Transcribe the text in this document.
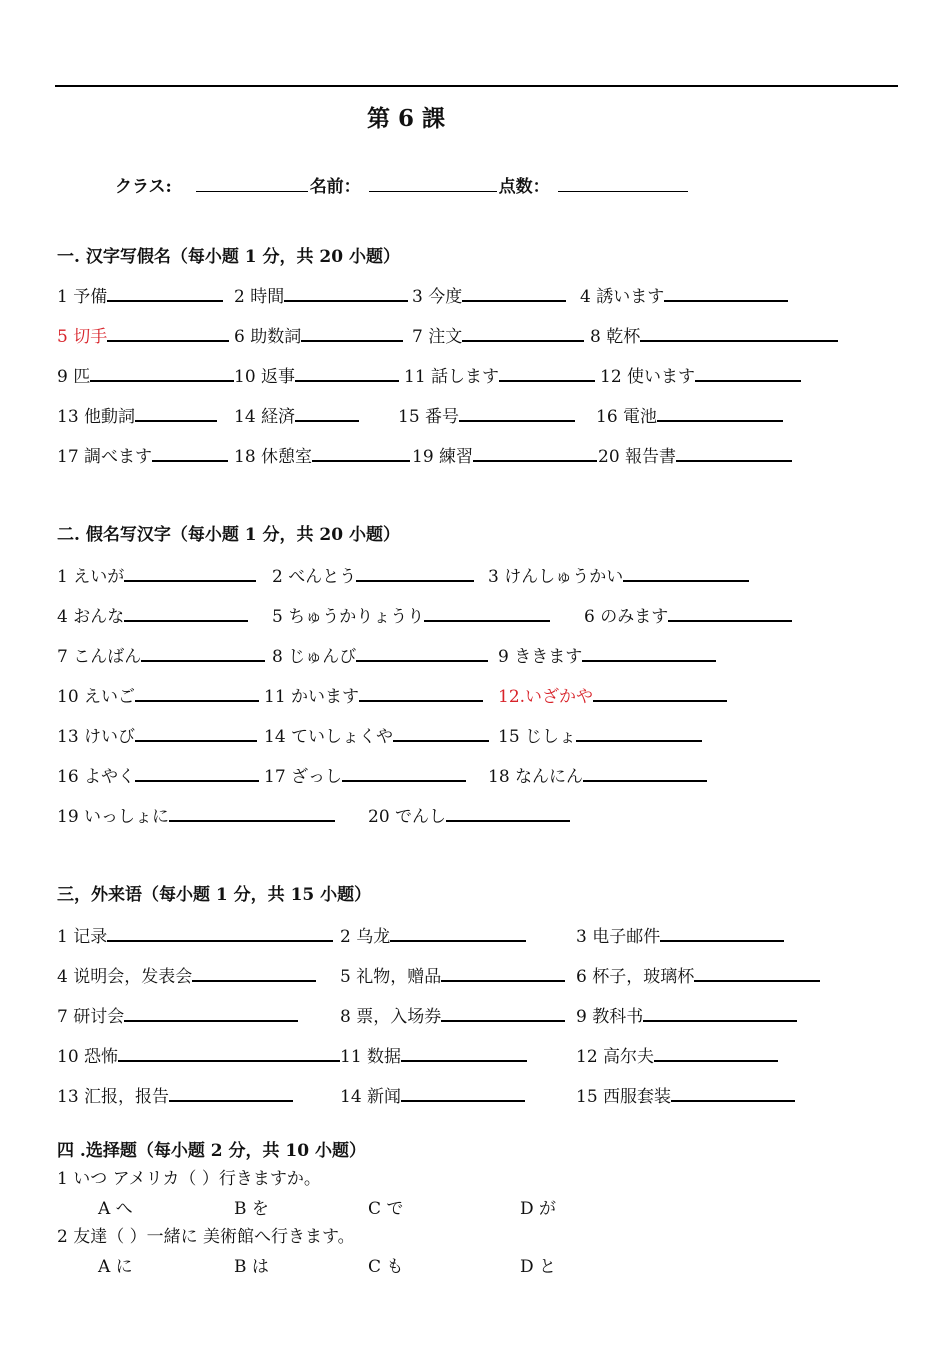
第 6 課
クラス:	名前：	点数：
一. 汉字写假名（每小题 1 分，共 20 小题）
1 予備	2 時間	3 今度	4 誘います
5 切手	6 助数詞	7 注文	8 乾杯
9 匹	10 返事	11 話します	12 使います
13 他動詞	14 経済	15 番号	16 電池
17 調べます	18 休憩室	19 練習	20 報告書
二. 假名写汉字（每小题 1 分，共 20 小题）
1 えいが	2 べんとう	3 けんしゅうかい
4 おんな	5 ちゅうかりょうり	6 のみます
7 こんばん	8 じゅんび	9 ききます
10 えいご	11 かいます	12.いざかや
13 けいび	14 ていしょくや	15 じしょ
16 よやく	17 ざっし	18 なんにん
19 いっしょに	20 でんし
三，外来语（每小题 1 分，共 15 小题）
1 记录	2 乌龙	3 电子邮件
4 说明会，发表会	5 礼物，赠品	6 杯子，玻璃杯
7 研讨会	8 票，入场券	9 教科书
10 恐怖	11 数据	12 高尔夫
13 汇报，报告	14 新闻	15 西服套装
四 .选择题（每小题 2 分，共 10 小题）
1 いつ アメリカ（ ）行きますか。
A へ	B を	C で	D が
2 友達（ ）一緒に 美術館へ行きます。
A に	B は	C も	D と
